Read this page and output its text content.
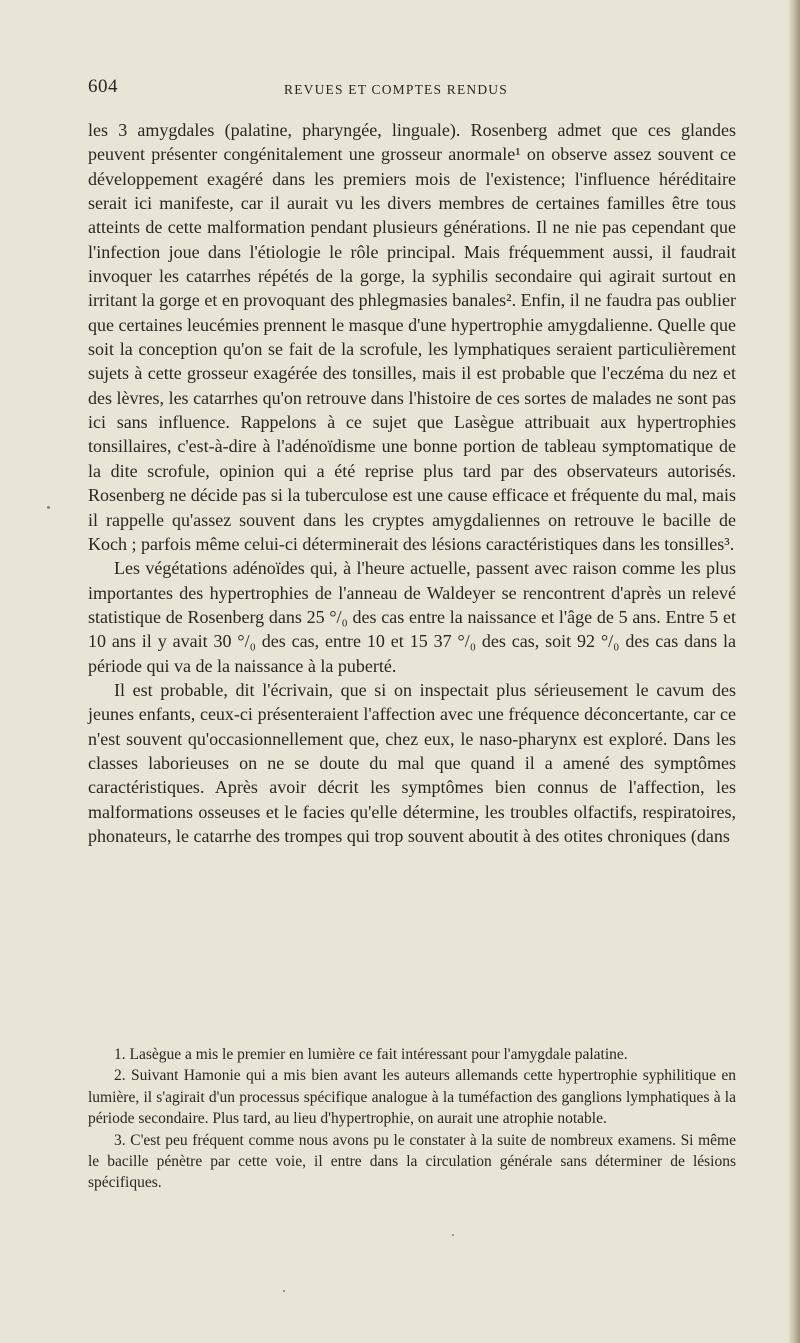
604	REVUES ET COMPTES RENDUS

les 3 amygdales (palatine, pharyngée, linguale). Rosenberg admet que ces glandes peuvent présenter congénitalement une grosseur anormale¹ on observe assez souvent ce développement exagéré dans les premiers mois de l'existence; l'influence héréditaire serait ici manifeste, car il aurait vu les divers membres de certaines familles être tous atteints de cette malformation pendant plusieurs générations. Il ne nie pas cependant que l'infection joue dans l'étiologie le rôle principal. Mais fréquemment aussi, il faudrait invoquer les catarrhes répétés de la gorge, la syphilis secondaire qui agirait surtout en irritant la gorge et en provoquant des phlegmasies banales². Enfin, il ne faudra pas oublier que certaines leucémies prennent le masque d'une hypertrophie amygdalienne. Quelle que soit la conception qu'on se fait de la scrofule, les lymphatiques seraient particulièrement sujets à cette grosseur exagérée des tonsilles, mais il est probable que l'eczéma du nez et des lèvres, les catarrhes qu'on retrouve dans l'histoire de ces sortes de malades ne sont pas ici sans influence. Rappelons à ce sujet que Lasègue attribuait aux hypertrophies tonsillaires, c'est-à-dire à l'adénoïdisme une bonne portion de tableau symptomatique de la dite scrofule, opinion qui a été reprise plus tard par des observateurs autorisés. Rosenberg ne décide pas si la tuberculose est une cause efficace et fréquente du mal, mais il rappelle qu'assez souvent dans les cryptes amygdaliennes on retrouve le bacille de Koch ; parfois même celui-ci déterminerait des lésions caractéristiques dans les tonsilles³.

Les végétations adénoïdes qui, à l'heure actuelle, passent avec raison comme les plus importantes des hypertrophies de l'anneau de Waldeyer se rencontrent d'après un relevé statistique de Rosenberg dans 25 °/₀ des cas entre la naissance et l'âge de 5 ans. Entre 5 et 10 ans il y avait 30 °/₀ des cas, entre 10 et 15 37 °/₀ des cas, soit 92 °/₀ des cas dans la période qui va de la naissance à la puberté.

Il est probable, dit l'écrivain, que si on inspectait plus sérieusement le cavum des jeunes enfants, ceux-ci présenteraient l'affection avec une fréquence déconcertante, car ce n'est souvent qu'occasionnellement que, chez eux, le naso-pharynx est exploré. Dans les classes laborieuses on ne se doute du mal que quand il a amené des symptômes caractéristiques. Après avoir décrit les symptômes bien connus de l'affection, les malformations osseuses et le facies qu'elle détermine, les troubles olfactifs, respiratoires, phonateurs, le catarrhe des trompes qui trop souvent aboutit à des otites chroniques (dans

1. Lasègue a mis le premier en lumière ce fait intéressant pour l'amygdale palatine.

2. Suivant Hamonie qui a mis bien avant les auteurs allemands cette hypertrophie syphilitique en lumière, il s'agirait d'un processus spécifique analogue à la tuméfaction des ganglions lymphatiques à la période secondaire. Plus tard, au lieu d'hypertrophie, on aurait une atrophie notable.

3. C'est peu fréquent comme nous avons pu le constater à la suite de nombreux examens. Si même le bacille pénètre par cette voie, il entre dans la circulation générale sans déterminer de lésions spécifiques.
